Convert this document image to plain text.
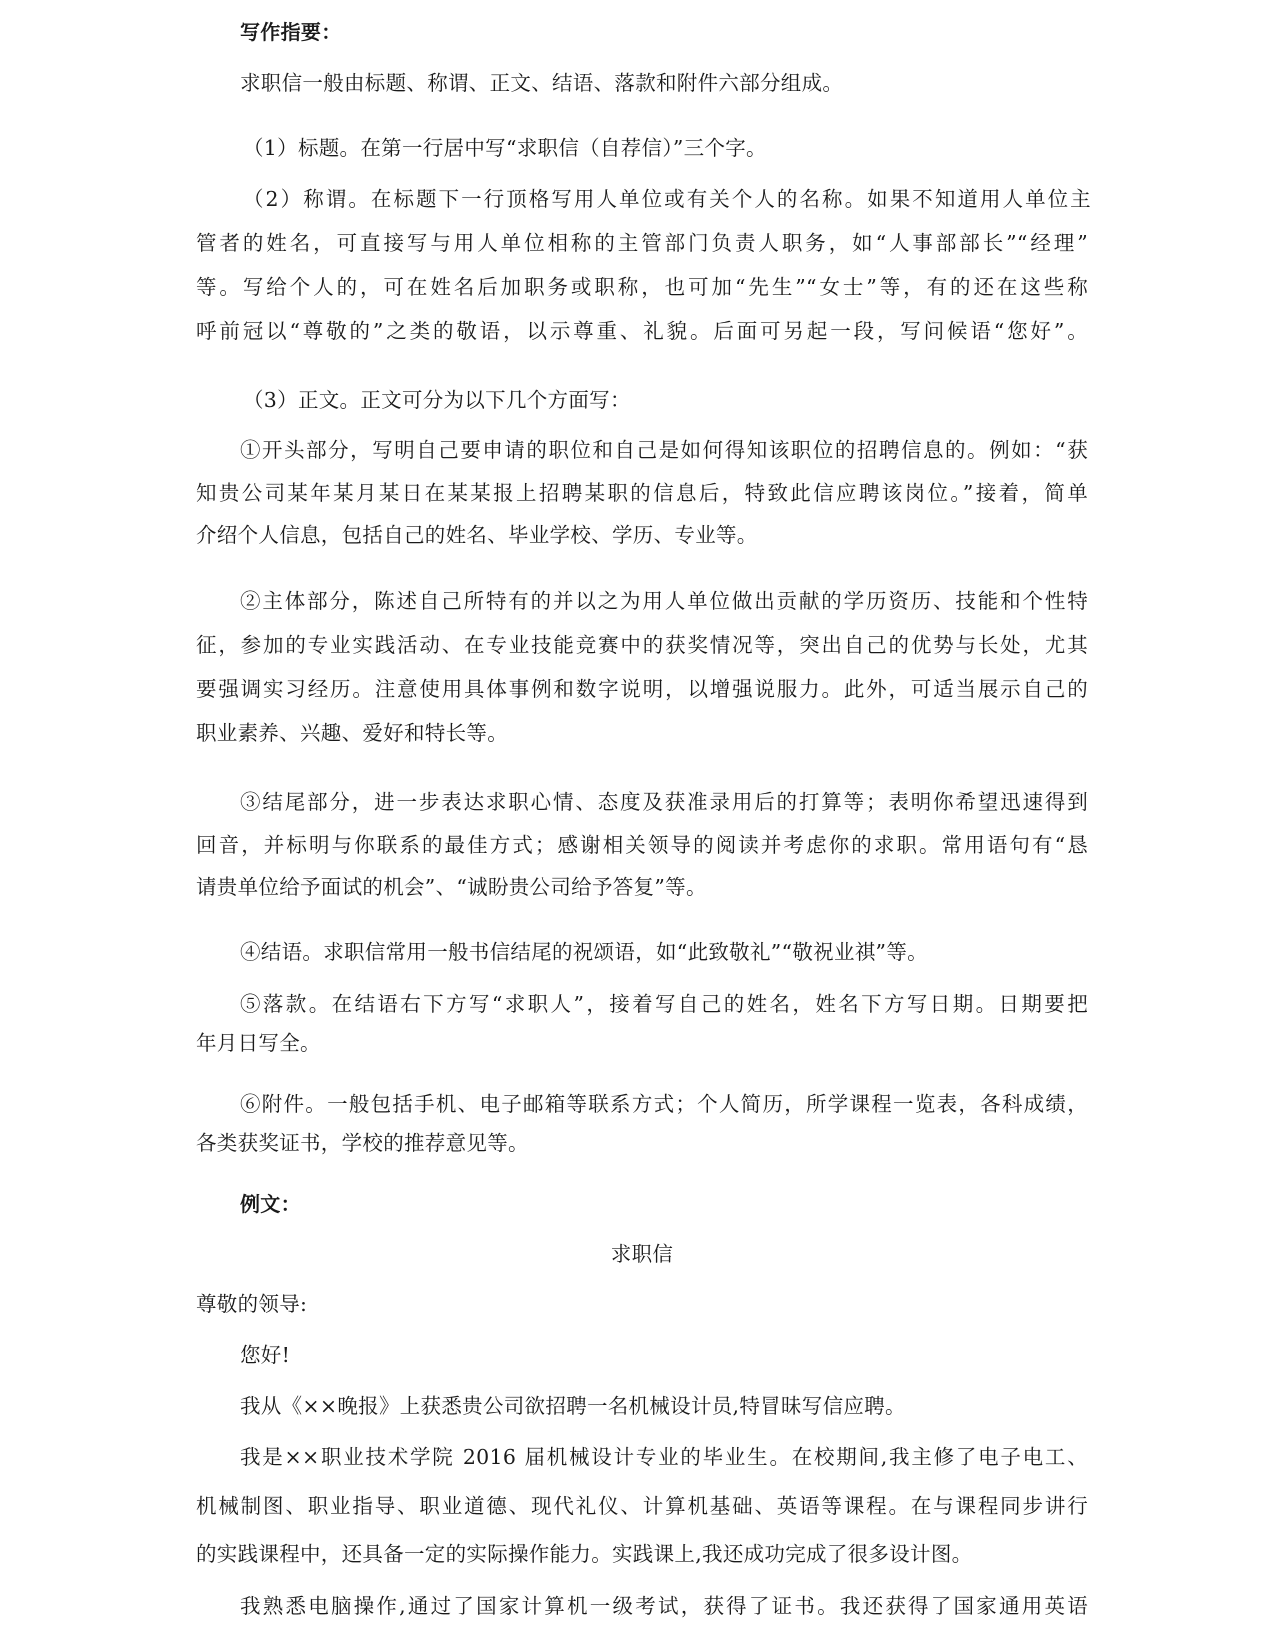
写作指要：
求职信一般由标题、称谓、正文、结语、落款和附件六部分组成。
（1）标题。在第一行居中写“求职信（自荐信）”三个字。
（2）称谓。在标题下一行顶格写用人单位或有关个人的名称。如果不知道用人单位主
管者的姓名，可直接写与用人单位相称的主管部门负责人职务，如“人事部部长”“经理”
等。写给个人的，可在姓名后加职务或职称，也可加“先生”“女士”等，有的还在这些称
呼前冠以“尊敬的”之类的敬语，以示尊重、礼貌。后面可另起一段，写问候语“您好”。
（3）正文。正文可分为以下几个方面写：
①开头部分，写明自己要申请的职位和自己是如何得知该职位的招聘信息的。例如：“获
知贵公司某年某月某日在某某报上招聘某职的信息后，特致此信应聘该岗位。”接着，简单
介绍个人信息，包括自己的姓名、毕业学校、学历、专业等。
②主体部分，陈述自己所特有的并以之为用人单位做出贡献的学历资历、技能和个性特
征，参加的专业实践活动、在专业技能竞赛中的获奖情况等，突出自己的优势与长处，尤其
要强调实习经历。注意使用具体事例和数字说明，以增强说服力。此外，可适当展示自己的
职业素养、兴趣、爱好和特长等。
③结尾部分，进一步表达求职心情、态度及获准录用后的打算等；表明你希望迅速得到
回音，并标明与你联系的最佳方式；感谢相关领导的阅读并考虑你的求职。常用语句有“恳
请贵单位给予面试的机会”、“诚盼贵公司给予答复”等。
④结语。求职信常用一般书信结尾的祝颂语，如“此致敬礼”“敬祝业祺”等。
⑤落款。在结语右下方写“求职人”，接着写自己的姓名，姓名下方写日期。日期要把
年月日写全。
⑥附件。一般包括手机、电子邮箱等联系方式；个人简历，所学课程一览表，各科成绩，
各类获奖证书，学校的推荐意见等。
例文：
求职信
尊敬的领导:
您好!
我从《××晚报》上获悉贵公司欲招聘一名机械设计员,特冒昧写信应聘。
我是××职业技术学院 2016 届机械设计专业的毕业生。在校期间,我主修了电子电工、
机械制图、职业指导、职业道德、现代礼仪、计算机基础、英语等课程。在与课程同步讲行
的实践课程中，还具备一定的实际操作能力。实践课上,我还成功完成了很多设计图。
我熟悉电脑操作,通过了国家计算机一级考试，获得了证书。我还获得了国家通用英语
